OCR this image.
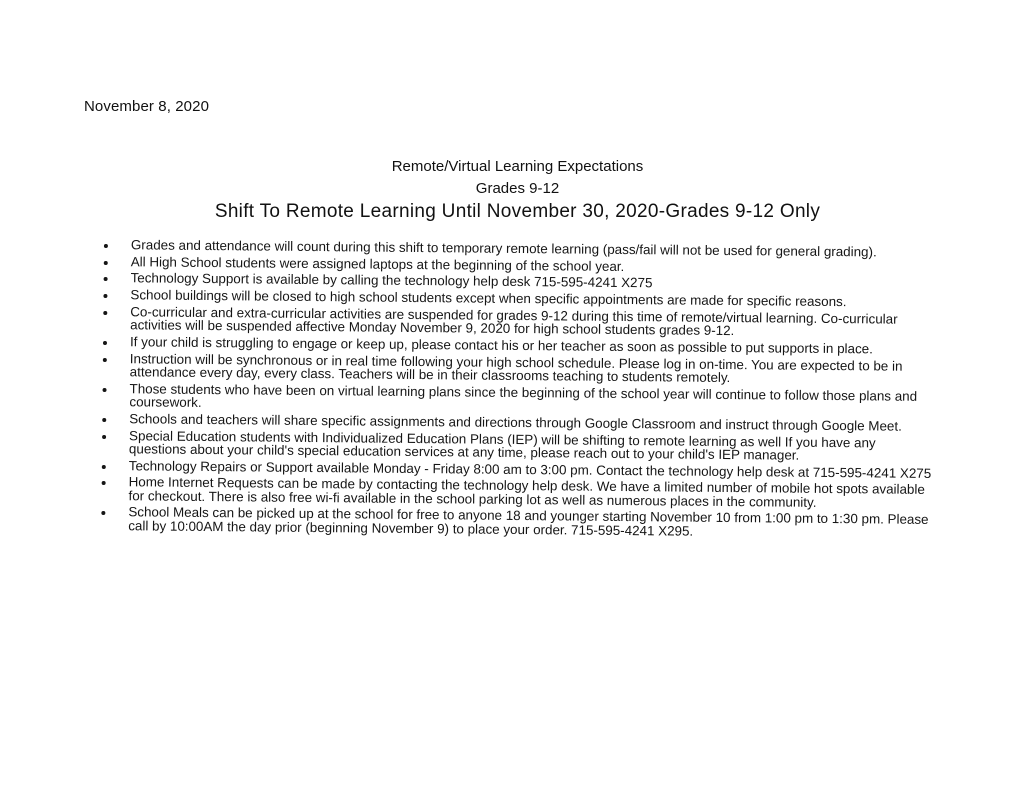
November 8, 2020
Remote/Virtual Learning Expectations
Grades 9-12
Shift To Remote Learning Until November 30, 2020-Grades 9-12 Only
Grades and attendance will count during this shift to temporary remote learning (pass/fail will not be used for general grading).
All High School students were assigned laptops at the beginning of the school year.
Technology Support is available by calling the technology help desk 715-595-4241 X275
School buildings will be closed to high school students except when specific appointments are made for specific reasons.
Co-curricular and extra-curricular activities are suspended for grades 9-12 during this time of remote/virtual learning. Co-curricular activities will be suspended affective Monday November 9, 2020 for high school students grades 9-12.
If your child is struggling to engage or keep up, please contact his or her teacher as soon as possible to put supports in place.
Instruction will be synchronous or in real time following your high school schedule. Please log in on-time. You are expected to be in attendance every day, every class. Teachers will be in their classrooms teaching to students remotely.
Those students who have been on virtual learning plans since the beginning of the school year will continue to follow those plans and coursework.
Schools and teachers will share specific assignments and directions through Google Classroom and instruct through Google Meet.
Special Education students with Individualized Education Plans (IEP) will be shifting to remote learning as well If you have any questions about your child's special education services at any time, please reach out to your child's IEP manager.
Technology Repairs or Support available Monday - Friday 8:00 am to 3:00 pm. Contact the technology help desk at 715-595-4241 X275
Home Internet Requests can be made by contacting the technology help desk. We have a limited number of mobile hot spots available for checkout. There is also free wi-fi available in the school parking lot as well as numerous places in the community.
School Meals can be picked up at the school for free to anyone 18 and younger starting November 10 from 1:00 pm to 1:30 pm. Please call by 10:00AM the day prior (beginning November 9) to place your order. 715-595-4241 X295.
